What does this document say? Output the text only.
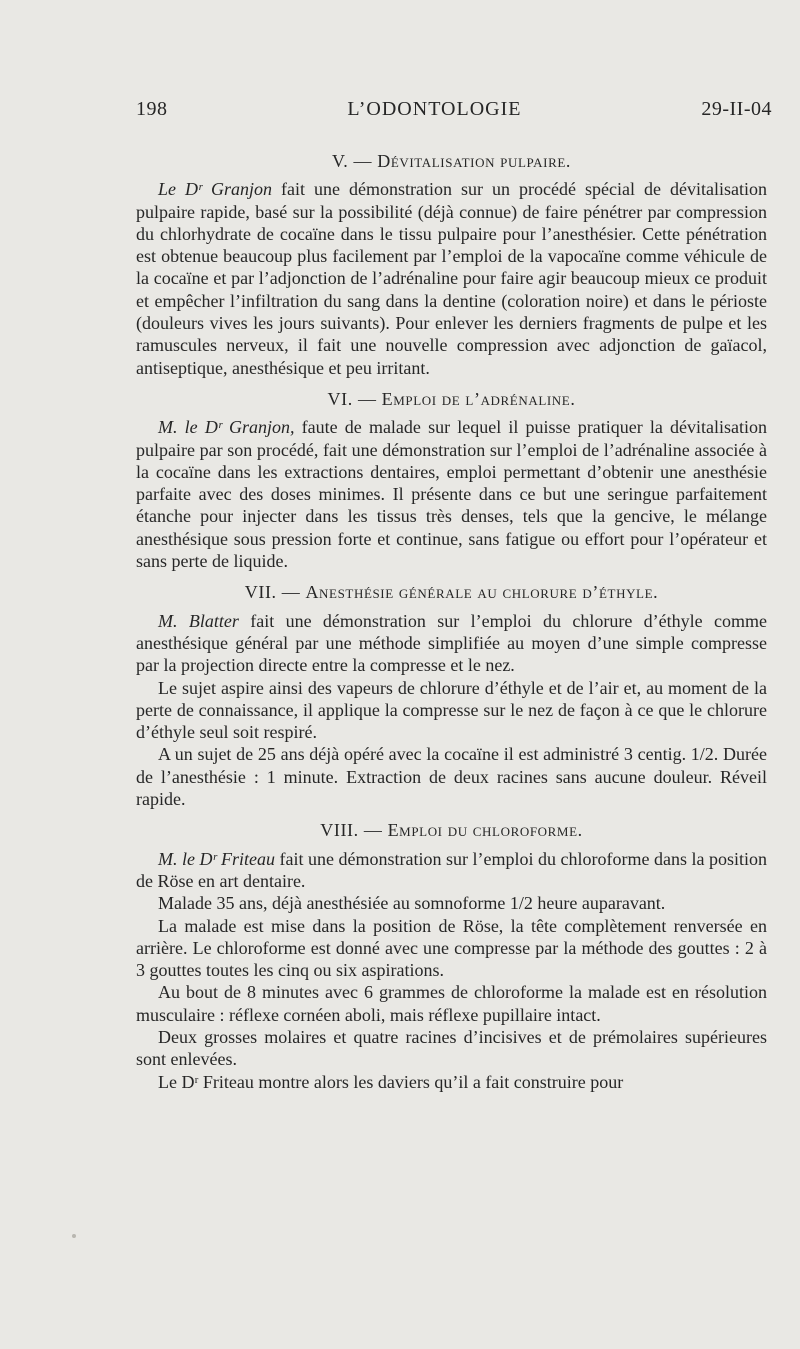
198	L’ODONTOLOGIE	29-II-04
V. — Dévitalisation pulpaire.

Le Dʳ Granjon fait une démonstration sur un procédé spécial de dévitalisation pulpaire rapide, basé sur la possibilité (déjà connue) de faire pénétrer par compression du chlorhydrate de cocaïne dans le tissu pulpaire pour l’anesthésier. Cette pénétration est obtenue beaucoup plus facilement par l’emploi de la vapocaïne comme véhicule de la cocaïne et par l’adjonction de l’adrénaline pour faire agir beaucoup mieux ce produit et empêcher l’infiltration du sang dans la dentine (coloration noire) et dans le périoste (douleurs vives les jours suivants). Pour enlever les derniers fragments de pulpe et les ramuscules nerveux, il fait une nouvelle compression avec adjonction de gaïacol, antiseptique, anesthésique et peu irritant.

VI. — Emploi de l’adrénaline.

M. le Dʳ Granjon, faute de malade sur lequel il puisse pratiquer la dévitalisation pulpaire par son procédé, fait une démonstration sur l’emploi de l’adrénaline associée à la cocaïne dans les extractions dentaires, emploi permettant d’obtenir une anesthésie parfaite avec des doses minimes. Il présente dans ce but une seringue parfaitement étanche pour injecter dans les tissus très denses, tels que la gencive, le mélange anesthésique sous pression forte et continue, sans fatigue ou effort pour l’opérateur et sans perte de liquide.

VII. — Anesthésie générale au chlorure d’éthyle.

M. Blatter fait une démonstration sur l’emploi du chlorure d’éthyle comme anesthésique général par une méthode simplifiée au moyen d’une simple compresse par la projection directe entre la compresse et le nez.

Le sujet aspire ainsi des vapeurs de chlorure d’éthyle et de l’air et, au moment de la perte de connaissance, il applique la compresse sur le nez de façon à ce que le chlorure d’éthyle seul soit respiré.

A un sujet de 25 ans déjà opéré avec la cocaïne il est administré 3 centig. 1/2. Durée de l’anesthésie : 1 minute. Extraction de deux racines sans aucune douleur. Réveil rapide.

VIII. — Emploi du chloroforme.

M. le Dʳ Friteau fait une démonstration sur l’emploi du chloroforme dans la position de Röse en art dentaire.

Malade 35 ans, déjà anesthésiée au somnoforme 1/2 heure auparavant.

La malade est mise dans la position de Röse, la tête complètement renversée en arrière. Le chloroforme est donné avec une compresse par la méthode des gouttes : 2 à 3 gouttes toutes les cinq ou six aspirations.

Au bout de 8 minutes avec 6 grammes de chloroforme la malade est en résolution musculaire : réflexe cornéen aboli, mais réflexe pupillaire intact.

Deux grosses molaires et quatre racines d’incisives et de prémolaires supérieures sont enlevées.

Le Dʳ Friteau montre alors les daviers qu’il a fait construire pour
